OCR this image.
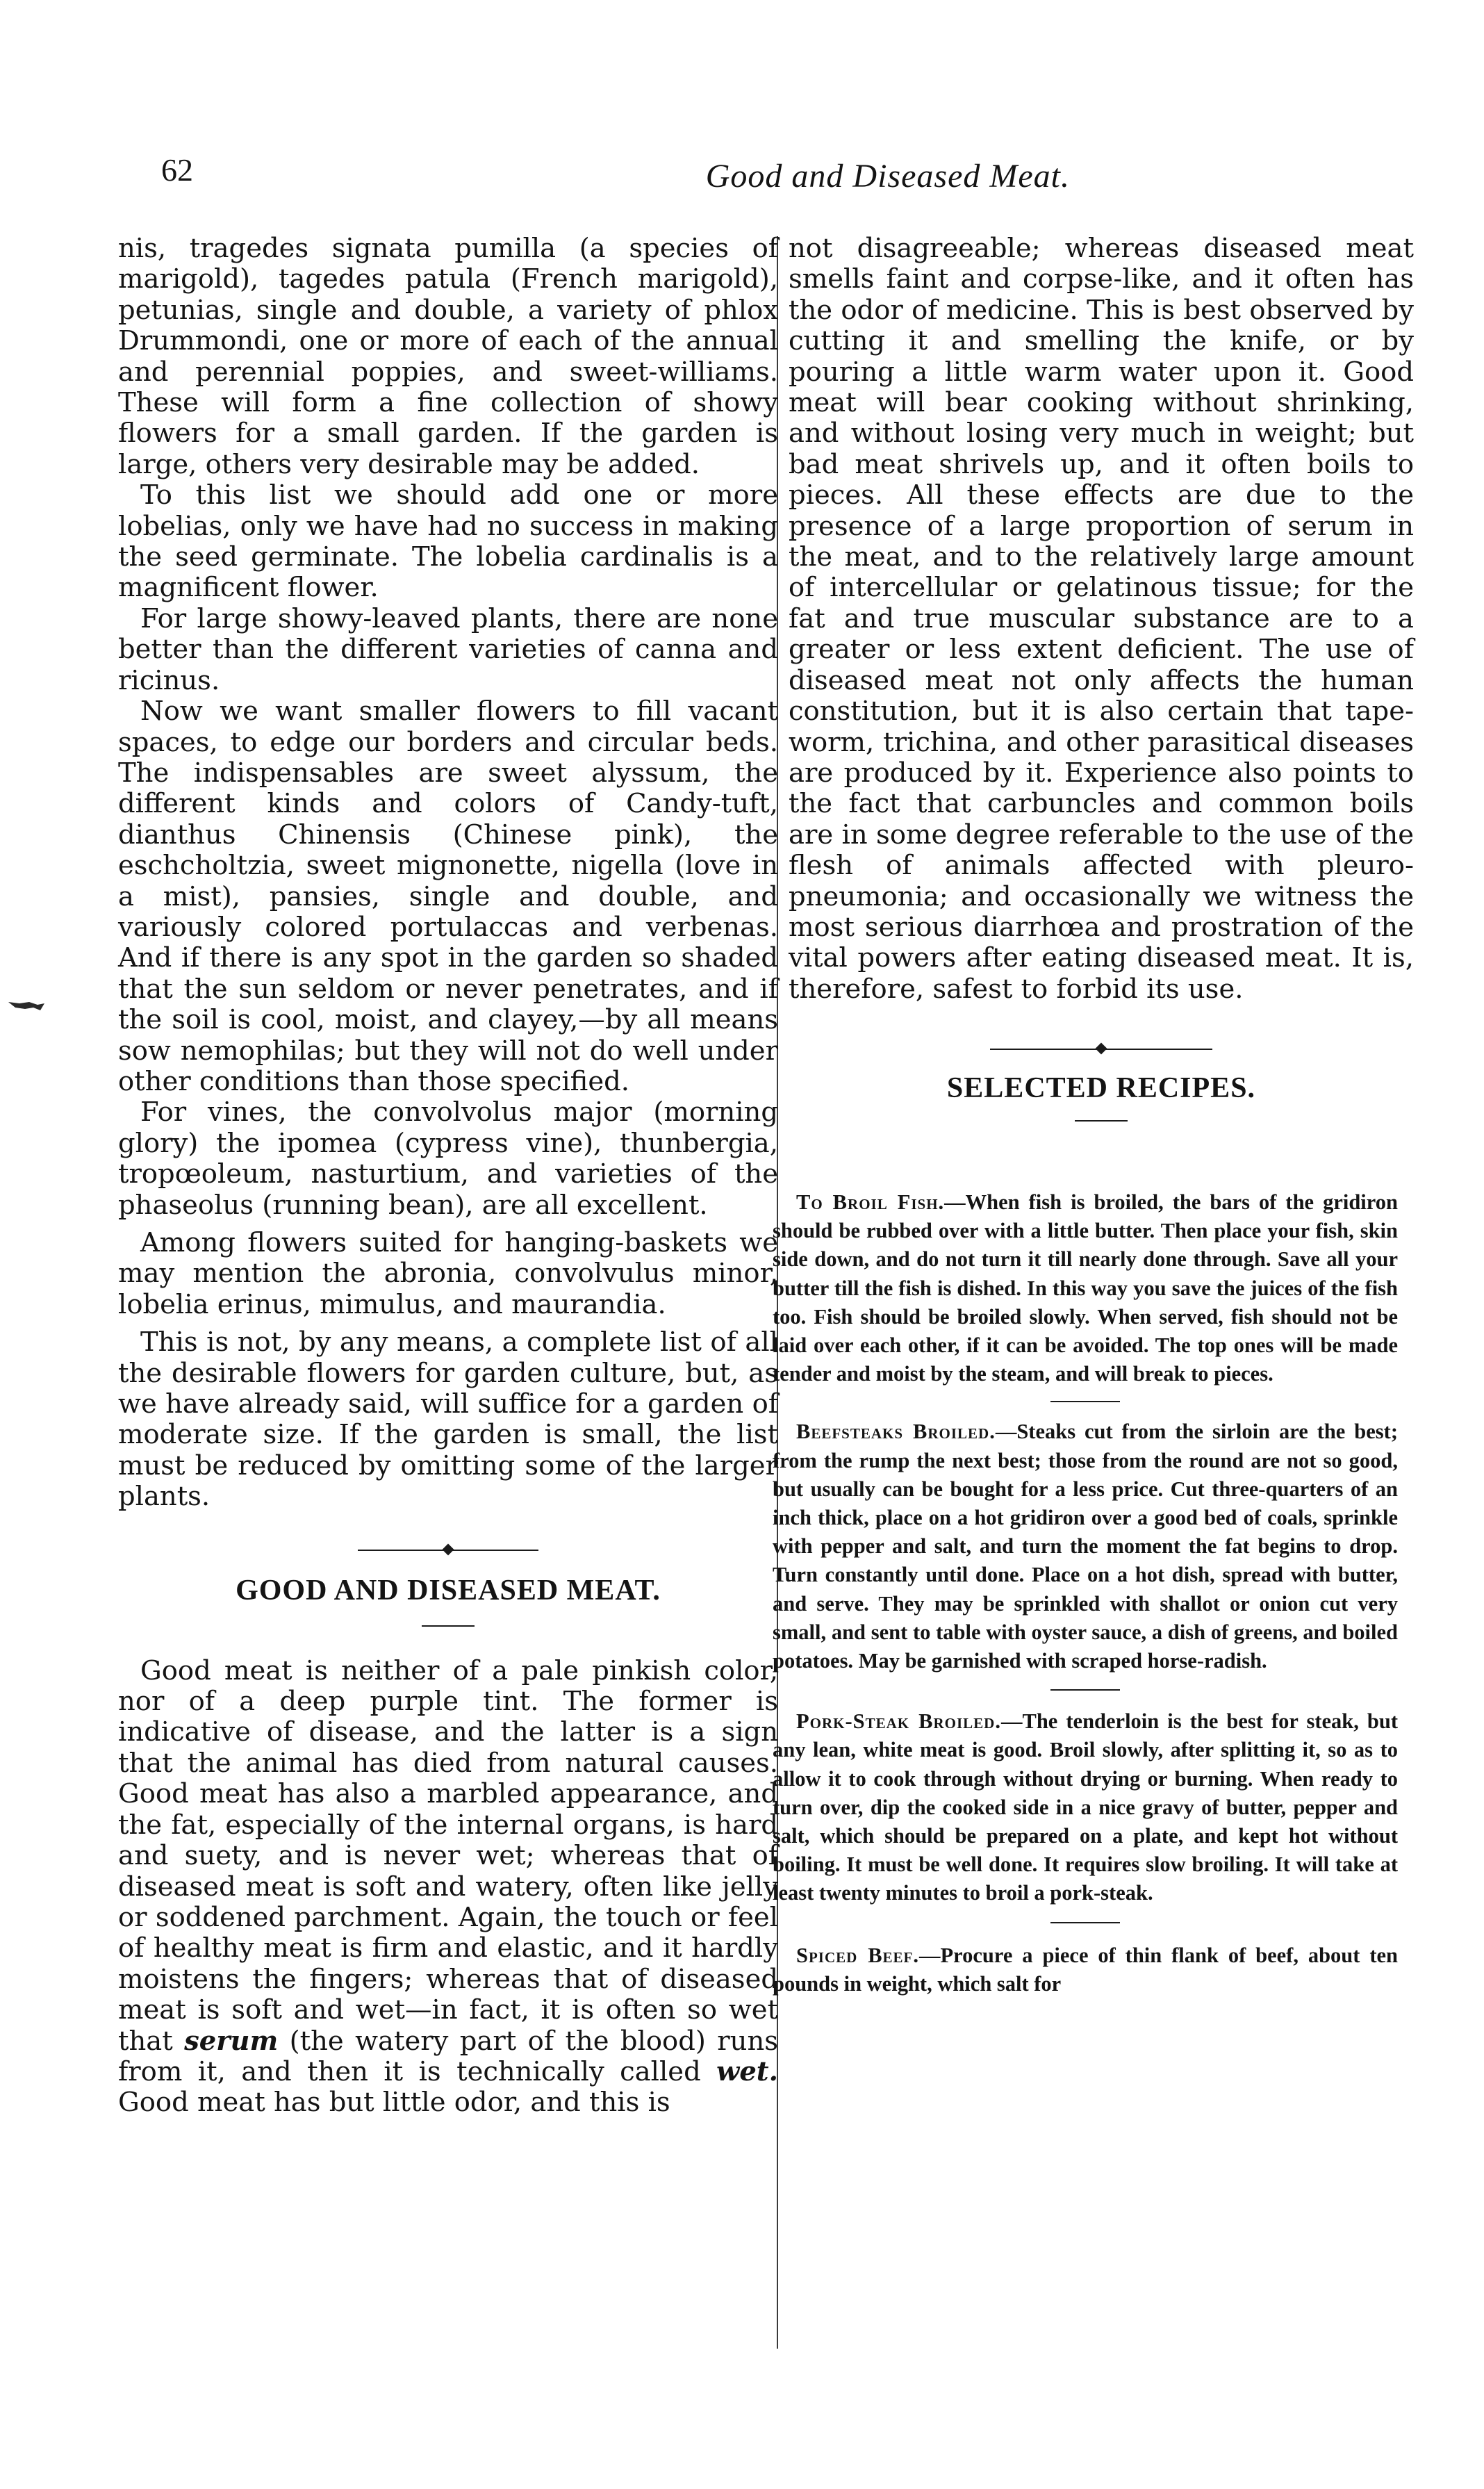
62	Good and Diseased Meat.

nis, tragedes signata pumilla (a species of marigold), tagedes patula (French marigold), petunias, single and double, a variety of phlox Drummondi, one or more of each of the annual and perennial poppies, and sweet-williams. These will form a fine collection of showy flowers for a small garden. If the garden is large, others very desirable may be added.

To this list we should add one or more lobelias, only we have had no success in making the seed germinate. The lobelia cardinalis is a magnificent flower.

For large showy-leaved plants, there are none better than the different varieties of canna and ricinus.

Now we want smaller flowers to fill vacant spaces, to edge our borders and circular beds. The indispensables are sweet alyssum, the different kinds and colors of Candy-tuft, dianthus Chinensis (Chinese pink), the eschcholtzia, sweet mignonette, nigella (love in a mist), pansies, single and double, and variously colored portulaccas and verbenas. And if there is any spot in the garden so shaded that the sun seldom or never penetrates, and if the soil is cool, moist, and clayey,—by all means sow nemophilas; but they will not do well under other conditions than those specified.

For vines, the convolvolus major (morning glory) the ipomea (cypress vine), thunbergia, tropœoleum, nasturtium, and varieties of the phaseolus (running bean), are all excellent.

Among flowers suited for hanging-baskets we may mention the abronia, convolvulus minor, lobelia erinus, mimulus, and maurandia.

This is not, by any means, a complete list of all the desirable flowers for garden culture, but, as we have already said, will suffice for a garden of moderate size. If the garden is small, the list must be reduced by omitting some of the larger plants.

GOOD AND DISEASED MEAT.

Good meat is neither of a pale pinkish color, nor of a deep purple tint. The former is indicative of disease, and the latter is a sign that the animal has died from natural causes. Good meat has also a marbled appearance, and the fat, especially of the internal organs, is hard and suety, and is never wet; whereas that of diseased meat is soft and watery, often like jelly or soddened parchment. Again, the touch or feel of healthy meat is firm and elastic, and it hardly moistens the fingers; whereas that of diseased meat is soft and wet—in fact, it is often so wet that serum (the watery part of the blood) runs from it, and then it is technically called wet. Good meat has but little odor, and this is

not disagreeable; whereas diseased meat smells faint and corpse-like, and it often has the odor of medicine. This is best observed by cutting it and smelling the knife, or by pouring a little warm water upon it. Good meat will bear cooking without shrinking, and without losing very much in weight; but bad meat shrivels up, and it often boils to pieces. All these effects are due to the presence of a large proportion of serum in the meat, and to the relatively large amount of intercellular or gelatinous tissue; for the fat and true muscular substance are to a greater or less extent deficient. The use of diseased meat not only affects the human constitution, but it is also certain that tape-worm, trichina, and other parasitical diseases are produced by it. Experience also points to the fact that carbuncles and common boils are in some degree referable to the use of the flesh of animals affected with pleuro-pneumonia; and occasionally we witness the most serious diarrhœa and prostration of the vital powers after eating diseased meat. It is, therefore, safest to forbid its use.

SELECTED RECIPES.

To Broil Fish.—When fish is broiled, the bars of the gridiron should be rubbed over with a little butter. Then place your fish, skin side down, and do not turn it till nearly done through. Save all your butter till the fish is dished. In this way you save the juices of the fish too. Fish should be broiled slowly. When served, fish should not be laid over each other, if it can be avoided. The top ones will be made tender and moist by the steam, and will break to pieces.

Beefsteaks Broiled.—Steaks cut from the sirloin are the best; from the rump the next best; those from the round are not so good, but usually can be bought for a less price. Cut three-quarters of an inch thick, place on a hot gridiron over a good bed of coals, sprinkle with pepper and salt, and turn the moment the fat begins to drop. Turn constantly until done. Place on a hot dish, spread with butter, and serve. They may be sprinkled with shallot or onion cut very small, and sent to table with oyster sauce, a dish of greens, and boiled potatoes. May be garnished with scraped horse-radish.

Pork-Steak Broiled.—The tenderloin is the best for steak, but any lean, white meat is good. Broil slowly, after splitting it, so as to allow it to cook through without drying or burning. When ready to turn over, dip the cooked side in a nice gravy of butter, pepper and salt, which should be prepared on a plate, and kept hot without boiling. It must be well done. It requires slow broiling. It will take at least twenty minutes to broil a pork-steak.

Spiced Beef.—Procure a piece of thin flank of beef, about ten pounds in weight, which salt for
